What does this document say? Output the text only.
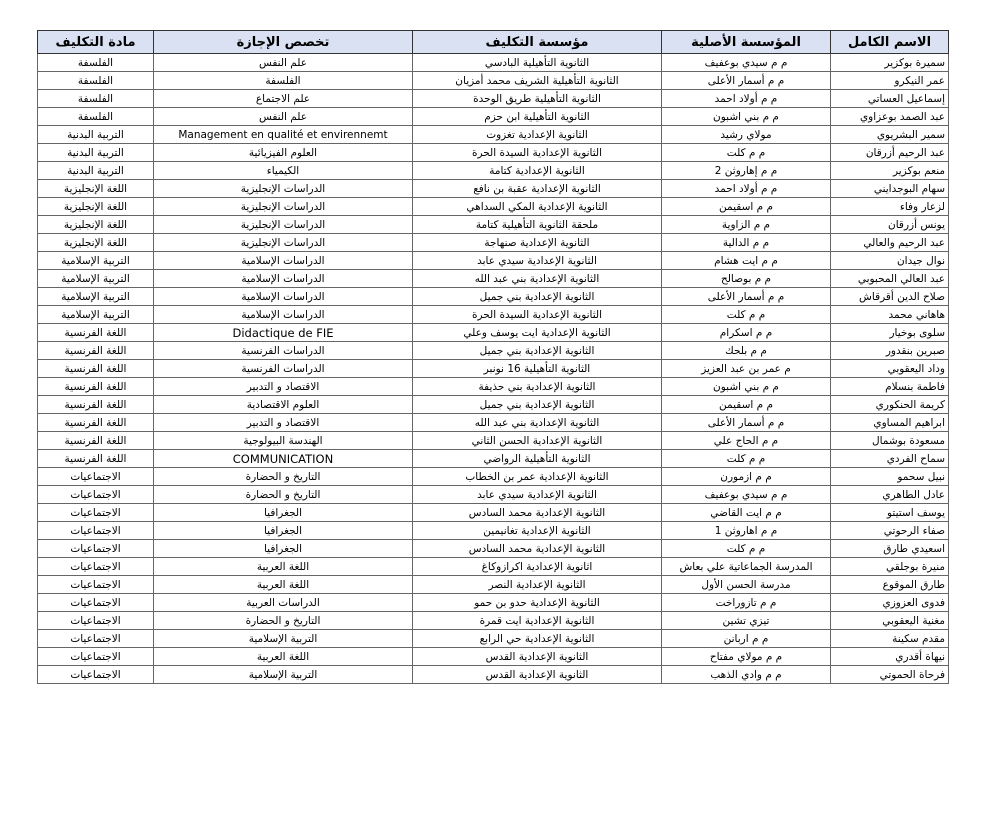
الاسم الكامل	المؤسسة الأصلية	مؤسسة التكليف	تخصص الإجازة	مادة التكليف
سميرة بوكزير	م م سيدي بوعفيف	الثانوية التأهيلية البادسي	علم النفس	الفلسفة
عمر النيكرو	م م أسمار الأعلى	الثانوية التأهيلية الشريف محمد أمزيان	الفلسفة	الفلسفة
إسماعيل العساتي	م م أولاد احمد	الثانوية التأهيلية طريق الوحدة	علم الاجتماع	الفلسفة
عبد الصمد بوعزاوي	م م بني اشبون	الثانوية التأهيلية ابن حزم	علم النفس	الفلسفة
سمير البشريوي	مولاي رشيد	الثانوية الإعدادية تغزوت	Management en qualité et envirennemt	التربية البدنية
عبد الرحيم أزرقان	م م كلت	الثانوية الإعدادية السيدة الحرة	العلوم الفيزيائية	التربية البدنية
منعم بوكزير	م م إهاروثن 2	الثانوية الإعدادية كتامة	الكيمياء	التربية البدنية
سهام البوجدايني	م م أولاد احمد	الثانوية الإعدادية عقبة بن نافع	الدراسات الإنجليزية	اللغة الإنجليزية
لزعار وفاء	م م اسقيمن	الثانوية الإعدادية المكي السداهي	الدراسات الإنجليزية	اللغة الإنجليزية
يونس أزرقان	م م الزاوية	ملحقة الثانوية التأهيلية كتامة	الدراسات الإنجليزية	اللغة الإنجليزية
عبد الرحيم والعالي	م م الدالية	الثانوية الإعدادية صنهاجة	الدراسات الإنجليزية	اللغة الإنجليزية
نوال جيدان	م م ايت هشام	الثانوية الإعدادية سيدي عابد	الدراسات الإسلامية	التربية الإسلامية
عبد العالي المحبوبي	م م بوصالح	الثانوية الإعدادية بني عبد الله	الدراسات الإسلامية	التربية الإسلامية
صلاح الدين أقرقاش	م م أسمار الأعلى	الثانوية الإعدادية بني جميل	الدراسات الإسلامية	التربية الإسلامية
هاهاني محمد	م م كلت	الثانوية الإعدادية السيدة الحرة	الدراسات الإسلامية	التربية الإسلامية
سلوى بوخيار	م م اسكرام	الثانوية الإعدادية ايت يوسف وعلي	Didactique de FIE	اللغة الفرنسية
صبرين بنقدور	م م بلحك	الثانوية الإعدادية بني جميل	الدراسات الفرنسية	اللغة الفرنسية
وداد اليعقوبي	م عمر بن عبد العزيز	الثانوية التأهيلية 16 نونبر	الدراسات الفرنسية	اللغة الفرنسية
فاطمة بنسلام	م م بني اشبون	الثانوية الإعدادية بني حذيفة	الاقتصاد و التدبير	اللغة الفرنسية
كريمة الحنكوري	م م اسقيمن	الثانوية الإعدادية بني جميل	العلوم الاقتصادية	اللغة الفرنسية
ابراهيم المساوي	م م أسمار الأعلى	الثانوية الإعدادية بني عبد الله	الاقتصاد و التدبير	اللغة الفرنسية
مسعودة بوشمال	م م الحاج علي	الثانوية الإعدادية الحسن الثاني	الهندسة البيولوجية	اللغة الفرنسية
سماح الفردي	م م كلت	الثانوية التأهيلية الرواضي	COMMUNICATION	اللغة الفرنسية
نبيل سحمو	م م ازمورن	الثانوية الإعدادية عمر بن الخطاب	التاريخ و الحضارة	الاجتماعيات
عادل الطاهري	م م سيدي بوعفيف	الثانوية الإعدادية سيدي عابد	التاريخ و الحضارة	الاجتماعيات
يوسف استيتو	م م ايت القاضي	الثانوية الإعدادية محمد السادس	الجغرافيا	الاجتماعيات
صفاء الرحوتي	م م اهاروثن 1	الثانوية الإعدادية تغانيمين	الجغرافيا	الاجتماعيات
اسعيدي طارق	م م كلت	الثانوية الإعدادية محمد السادس	الجغرافيا	الاجتماعيات
منيرة بوجلقي	المدرسة الجماعاتية علي بعاش	اثانوية الإعدادية اكرازوكاغ	اللغة العربية	الاجتماعيات
طارق الموقوع	مدرسة الحسن الأول	الثانوية الإعدادية النصر	اللغة العربية	الاجتماعيات
فدوى العزوزي	م م تازوراخت	الثانوية الإعدادية حدو بن حمو	الدراسات العربية	الاجتماعيات
مغنية اليعقوبي	تيزي تشين	الثانوية الإعدادية ايت قمرة	التاريخ و الحضارة	الاجتماعيات
مقدم سكينة	م م اربانن	الثانوية الإعدادية حي الرابع	التربية الإسلامية	الاجتماعيات
نيهاة أقدري	م م مولاي مفتاح	الثانوية الإعدادية القدس	اللغة العربية	الاجتماعيات
فرحاة الحموتي	م م وادي الذهب	الثانوية الإعدادية القدس	التربية الإسلامية	الاجتماعيات
